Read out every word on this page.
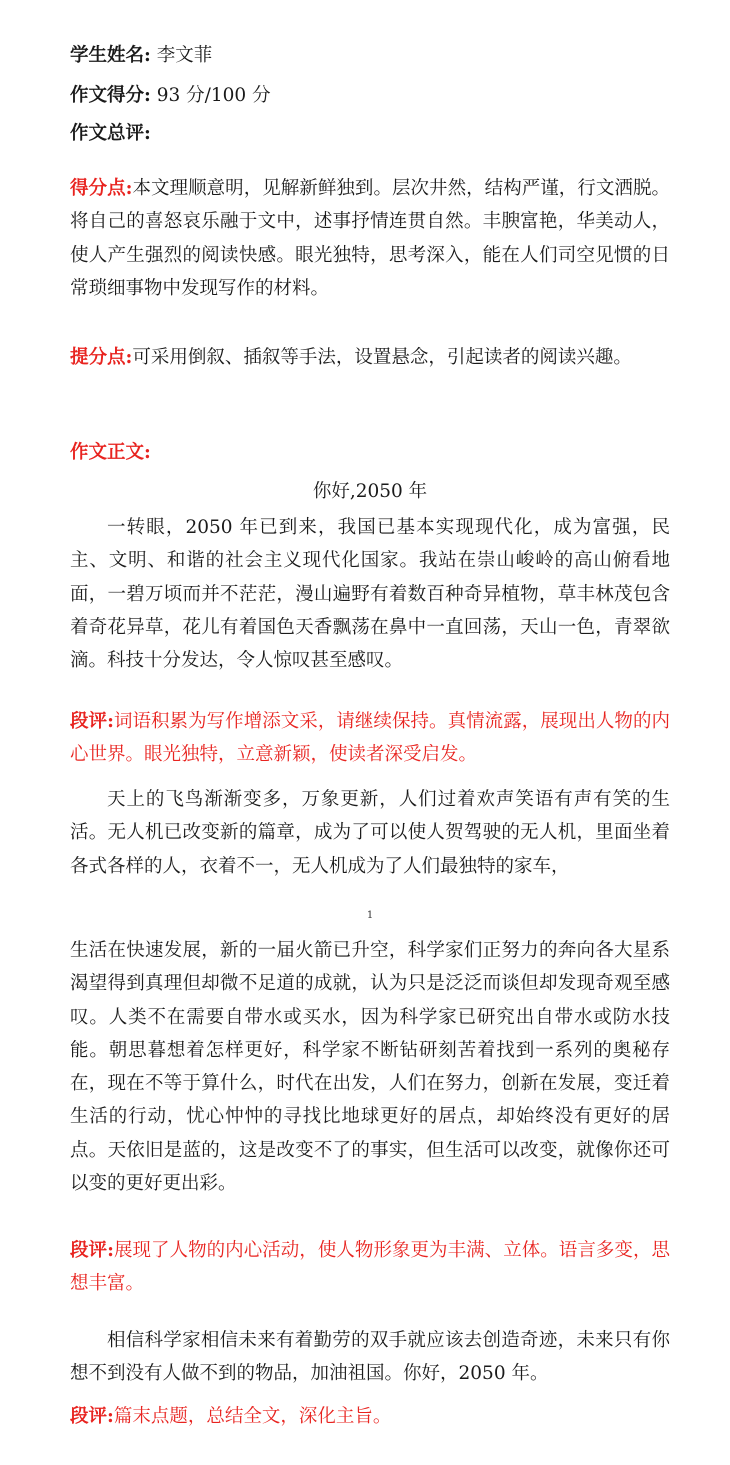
学生姓名: 李文菲
作文得分: 93 分/100 分
作文总评:
得分点:本文理顺意明，见解新鲜独到。层次井然，结构严谨，行文洒脱。将自己的喜怒哀乐融于文中，述事抒情连贯自然。丰腴富艳，华美动人，使人产生强烈的阅读快感。眼光独特，思考深入，能在人们司空见惯的日常琐细事物中发现写作的材料。
提分点:可采用倒叙、插叙等手法，设置悬念，引起读者的阅读兴趣。
作文正文:
你好,2050 年
一转眼，2050 年已到来，我国已基本实现现代化，成为富强，民主、文明、和谐的社会主义现代化国家。我站在崇山峻岭的高山俯看地面，一碧万顷而并不茫茫，漫山遍野有着数百种奇异植物，草丰林茂包含着奇花异草，花儿有着国色天香飘荡在鼻中一直回荡，天山一色，青翠欲滴。科技十分发达，令人惊叹甚至感叹。
段评:词语积累为写作增添文采，请继续保持。真情流露，展现出人物的内心世界。眼光独特，立意新颖，使读者深受启发。
天上的飞鸟渐渐变多，万象更新，人们过着欢声笑语有声有笑的生活。无人机已改变新的篇章，成为了可以使人贺驾驶的无人机，里面坐着各式各样的人，衣着不一，无人机成为了人们最独特的家车，
1
生活在快速发展，新的一届火箭已升空，科学家们正努力的奔向各大星系渴望得到真理但却微不足道的成就，认为只是泛泛而谈但却发现奇观至感叹。人类不在需要自带水或买水，因为科学家已研究出自带水或防水技能。朝思暮想着怎样更好，科学家不断钻研刻苦着找到一系列的奥秘存在，现在不等于算什么，时代在出发，人们在努力，创新在发展，变迁着生活的行动，忧心忡忡的寻找比地球更好的居点，却始终没有更好的居点。天依旧是蓝的，这是改变不了的事实，但生活可以改变，就像你还可以变的更好更出彩。
段评:展现了人物的内心活动，使人物形象更为丰满、立体。语言多变，思想丰富。
相信科学家相信未来有着勤劳的双手就应该去创造奇迹，未来只有你想不到没有人做不到的物品，加油祖国。你好，2050 年。
段评:篇末点题，总结全文，深化主旨。
